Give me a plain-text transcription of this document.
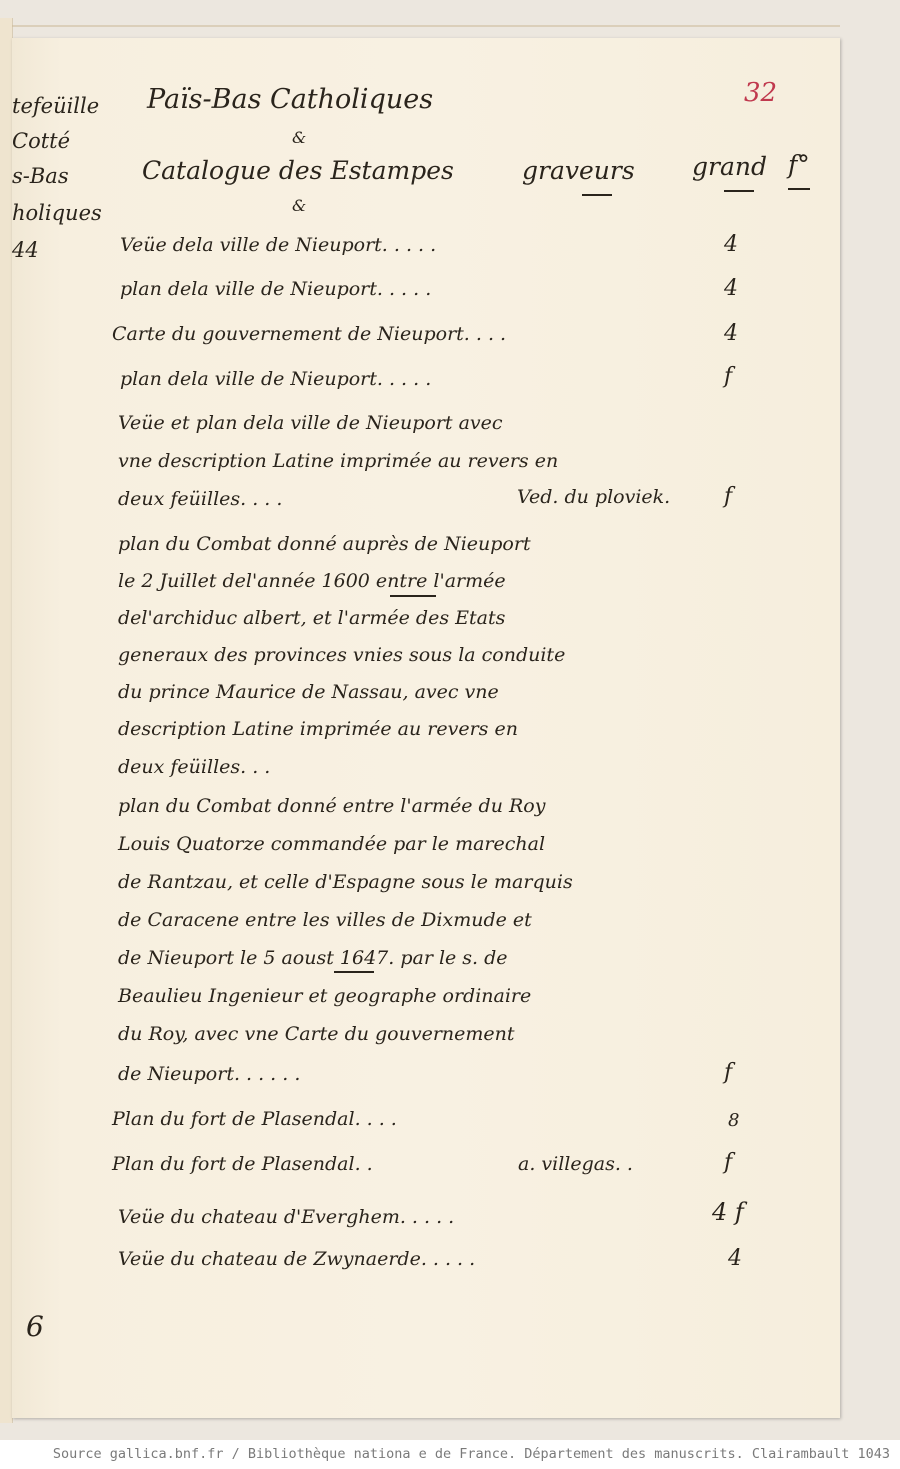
32
tefeüille
Cotté
s-Bas
holiques
44
6
Païs-Bas Catholiques
&
Catalogue des Estampes
&
graveurs grand f°
Veüe dela ville de Nieuport. . . . .	4
plan dela ville de Nieuport. . . . .	4
Carte du gouvernement de Nieuport. . . .	4
plan dela ville de Nieuport. . . . .	f
Veüe et plan dela ville de Nieuport avec
vne description Latine imprimée au revers en
deux feüilles. . . .	Ved. du ploviek. f
plan du Combat donné auprès de Nieuport
le 2 Juillet del'année 1600 entre l'armée
del'archiduc albert, et l'armée des Etats
generaux des provinces vnies sous la conduite
du prince Maurice de Nassau, avec vne
description Latine imprimée au revers en
deux feüilles. . .
plan du Combat donné entre l'armée du Roy
Louis Quatorze commandée par le marechal
de Rantzau, et celle d'Espagne sous le marquis
de Caracene entre les villes de Dixmude et
de Nieuport le 5 aoust 1647. par le s. de
Beaulieu Ingenieur et geographe ordinaire
du Roy, avec vne Carte du gouvernement
de Nieuport. . . . . .	f
Plan du fort de Plasendal. . . .	8
Plan du fort de Plasendal. .	a. villegas. .	f
Veüe du chateau d'Everghem. . . . .	4 f
Veüe du chateau de Zwynaerde. . . . .	4
Source gallica.bnf.fr / Bibliothèque nationa e de France. Département des manuscrits. Clairambault 1043
